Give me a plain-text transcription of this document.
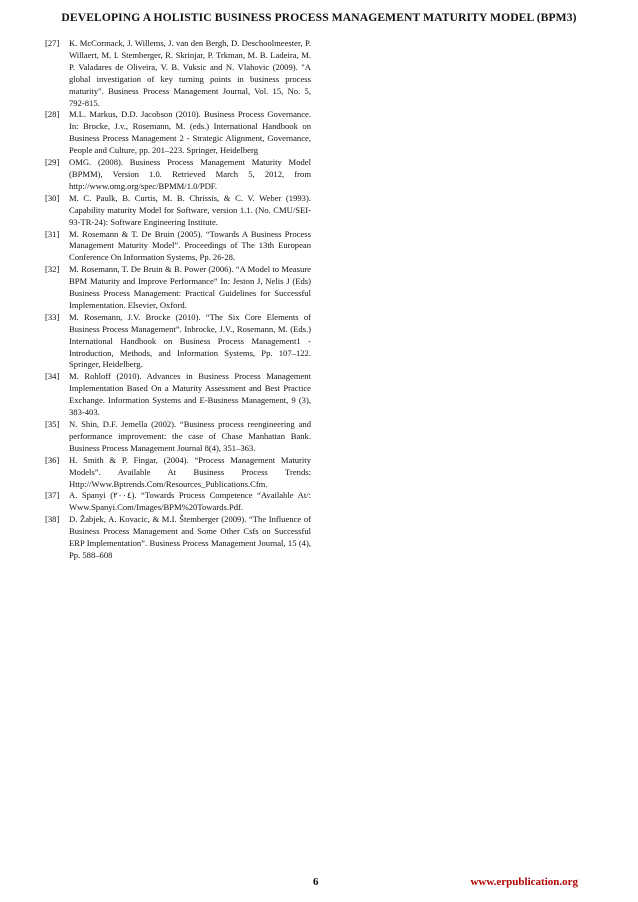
DEVELOPING A HOLISTIC BUSINESS PROCESS MANAGEMENT MATURITY MODEL (BPM3)
[27] K. McCormack, J. Willems, J. van den Bergh, D. Deschoolmeester, P. Willaert, M. I. Stemberger, R. Skrinjar, P. Trkman, M. B. Ladeira, M. P. Valadares de Oliveira, V. B. Vuksic and N. Vlahovic (2009). "A global investigation of key turning points in business process maturity". Business Process Management Journal, Vol. 15, No. 5, 792-815.
[28] M.L. Markus, D.D. Jacobson (2010). Business Process Governance. In: Brocke, J.v., Rosemann, M. (eds.) International Handbook on Business Process Management 2 - Strategic Alignment, Governance, People and Culture, pp. 201–223. Springer, Heidelberg
[29] OMG. (2008). Business Process Management Maturity Model (BPMM), Version 1.0. Retrieved March 5, 2012, from http://www.omg.org/spec/BPMM/1.0/PDF.
[30] M. C. Paulk, B. Curtis, M. B. Chrissis, & C. V. Weber (1993). Capability maturity Model for Software, version 1.1. (No. CMU/SEI-93-TR-24): Software Engineering Institute.
[31] M. Rosemann & T. De Bruin (2005). “Towards A Business Process Management Maturity Model”. Proceedings of The 13th European Conference On Information Systems, Pp. 26-28.
[32] M. Rosemann, T. De Bruin & B. Power (2006). “A Model to Measure BPM Maturity and Improve Performance” In: Jeston J, Nelis J (Eds) Business Process Management: Practical Guidelines for Successful Implementation. Elsevier, Oxford.
[33] M. Rosemann, J.V. Brocke (2010). “The Six Core Elements of Business Process Management”. Inbrocke, J.V., Rosemann, M. (Eds.) International Handbook on Business Process Management1 - Introduction, Methods, and Information Systems, Pp. 107–122. Springer, Heidelberg.
[34] M. Rohloff (2010). Advances in Business Process Management Implementation Based On a Maturity Assessment and Best Practice Exchange. Information Systems and E-Business Management, 9 (3), 383-403.
[35] N. Shin, D.F. Jemella (2002). “Business process reengineering and performance improvement: the case of Chase Manhattan Bank. Business Process Management Journal 8(4), 351–363.
[36] H. Smith & P. Fingar, (2004). “Process Management Maturity Models”. Available At Business Process Trends: Http://Www.Bptrends.Com/Resources_Publications.Cfm.
[37] A. Spanyi (٢٠٠٤). “Towards Process Competence “Available At/: Www.Spanyi.Com/Images/BPM%20Towards.Pdf.
[38] D. Žabjek, A. Kovacic, & M.I. Štemberger (2009). “The Influence of Business Process Management and Some Other Csfs on Successful ERP Implementation”. Business Process Management Journal, 15 (4), Pp. 588–608
6	www.erpublication.org
